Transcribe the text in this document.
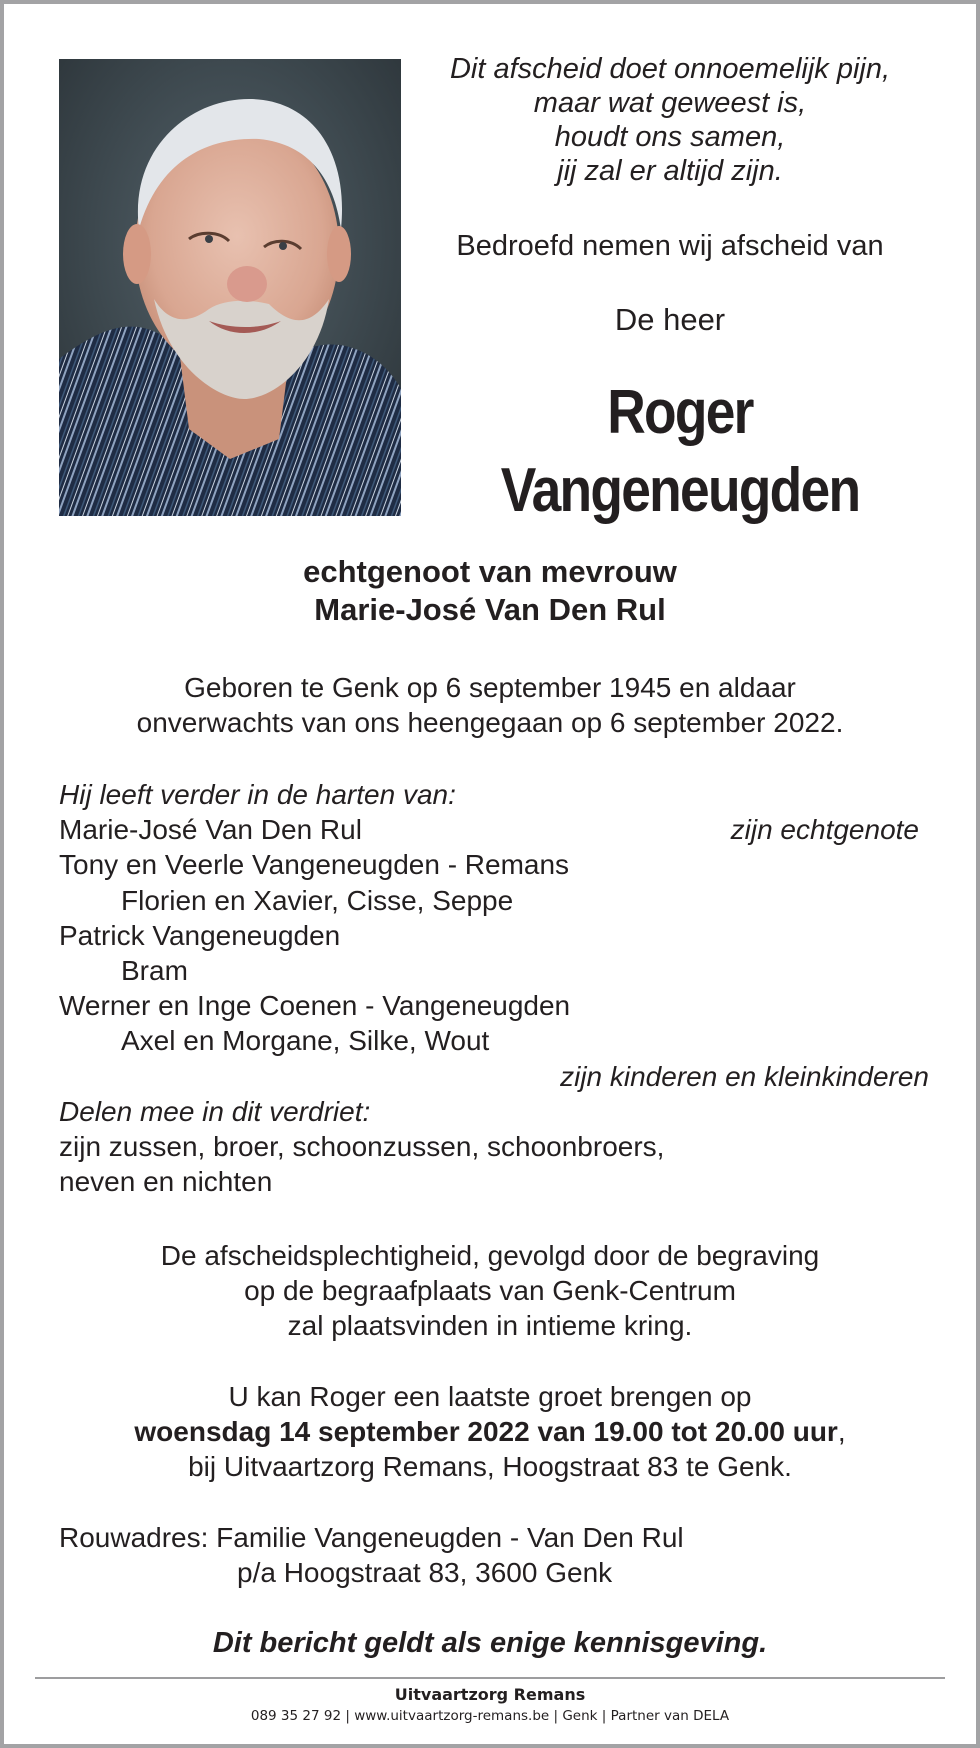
Dit afscheid doet onnoemelijk pijn,
maar wat geweest is,
houdt ons samen,
jij zal er altijd zijn.
Bedroefd nemen wij afscheid van
De heer
Roger
Vangeneugden
echtgenoot van mevrouw
Marie-José Van Den Rul
Geboren te Genk op 6 september 1945 en aldaar
onverwachts van ons heengegaan op 6 september 2022.
Hij leeft verder in de harten van:
Marie-José Van Den Rul	zijn echtgenote
Tony en Veerle Vangeneugden - Remans
Florien en Xavier, Cisse, Seppe
Patrick Vangeneugden
Bram
Werner en Inge Coenen - Vangeneugden
Axel en Morgane, Silke, Wout
zijn kinderen en kleinkinderen
Delen mee in dit verdriet:
zijn zussen, broer, schoonzussen, schoonbroers,
neven en nichten
De afscheidsplechtigheid, gevolgd door de begraving
op de begraafplaats van Genk-Centrum
zal plaatsvinden in intieme kring.
U kan Roger een laatste groet brengen op
woensdag 14 september 2022 van 19.00 tot 20.00 uur,
bij Uitvaartzorg Remans, Hoogstraat 83 te Genk.
Rouwadres: Familie Vangeneugden - Van Den Rul
p/a Hoogstraat 83, 3600 Genk
Dit bericht geldt als enige kennisgeving.
Uitvaartzorg Remans
089 35 27 92 | www.uitvaartzorg-remans.be | Genk | Partner van DELA
